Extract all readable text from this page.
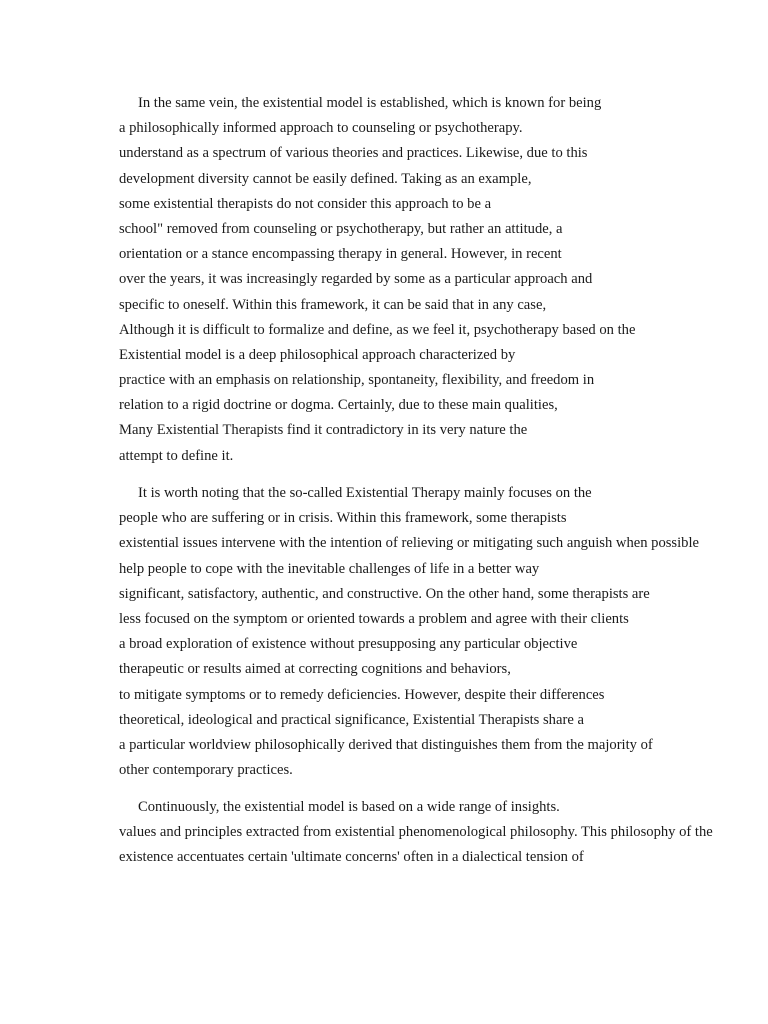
In the same vein, the existential model is established, which is known for being
a philosophically informed approach to counseling or psychotherapy.
understand as a spectrum of various theories and practices. Likewise, due to this
development diversity cannot be easily defined. Taking as an example,
some existential therapists do not consider this approach to be a
school" removed from counseling or psychotherapy, but rather an attitude, a
orientation or a stance encompassing therapy in general. However, in recent
over the years, it was increasingly regarded by some as a particular approach and
specific to oneself. Within this framework, it can be said that in any case,
Although it is difficult to formalize and define, as we feel it, psychotherapy based on the
Existential model is a deep philosophical approach characterized by
practice with an emphasis on relationship, spontaneity, flexibility, and freedom in
relation to a rigid doctrine or dogma. Certainly, due to these main qualities,
Many Existential Therapists find it contradictory in its very nature the
attempt to define it.

It is worth noting that the so-called Existential Therapy mainly focuses on the
people who are suffering or in crisis. Within this framework, some therapists
existential issues intervene with the intention of relieving or mitigating such anguish when possible
help people to cope with the inevitable challenges of life in a better way
significant, satisfactory, authentic, and constructive. On the other hand, some therapists are
less focused on the symptom or oriented towards a problem and agree with their clients
a broad exploration of existence without presupposing any particular objective
therapeutic or results aimed at correcting cognitions and behaviors,
to mitigate symptoms or to remedy deficiencies. However, despite their differences
theoretical, ideological and practical significance, Existential Therapists share a
a particular worldview philosophically derived that distinguishes them from the majority of
other contemporary practices.

Continuously, the existential model is based on a wide range of insights.
values and principles extracted from existential phenomenological philosophy. This philosophy of the
existence accentuates certain 'ultimate concerns' often in a dialectical tension of
